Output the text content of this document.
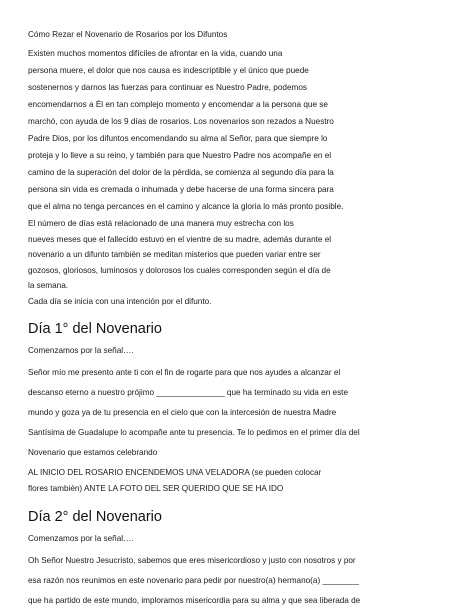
Cómo Rezar el Novenario de Rosarios por los Difuntos
Existen muchos momentos difíciles de afrontar en la vida, cuando una
persona muere, el dolor que nos causa es indescriptible y el único que puede
sostenernos y darnos las fuerzas para continuar es Nuestro Padre, podemos
encomendarnos a Él en tan complejo momento y encomendar a la persona que se
marchó, con ayuda de los 9 días de rosarios. Los novenarios son rezados a Nuestro
Padre Dios, por los difuntos encomendando su alma al Señor, para que siempre lo
proteja y lo lleve a su reino, y también para que Nuestro Padre nos acompañe en el
camino de la superación del dolor de la pérdida, se comienza al segundo día para la
persona sin vida es cremada o inhumada y debe hacerse de una forma sincera para
que el alma no tenga percances en el camino y alcance la gloria lo más pronto posible.
El número de días está relacionado de una manera muy estrecha con los
nueves meses que el fallecido estuvo en el vientre de su madre, además durante el
novenario a un difunto también se meditan misterios que pueden variar entre ser
gozosos, gloriosos, luminosos y dolorosos los cuales corresponden según el día de
la semana.
Cada día se inicia con una intención por el difunto.
Día 1° del Novenario
Comenzamos por la señal….
Señor mío me presento ante ti con el fin de rogarte para que nos ayudes a alcanzar el
descanso eterno a nuestro prójimo _______________ que ha terminado su vida en este
mundo y goza ya de tu presencia en el cielo que con la intercesión de nuestra Madre
Santísima de Guadalupe lo acompañe ante tu presencia. Te lo pedimos en el primer día del
Novenario que estamos celebrando
AL INICIO DEL ROSARIO ENCENDEMOS UNA VELADORA (se pueden colocar
flores también) ANTE LA FOTO DEL SER QUERIDO QUE SE HA IDO
Día 2° del Novenario
Comenzamos por la señal….
Oh Señor Nuestro Jesucristo, sabemos que eres misericordioso y justo con nosotros y por
esa razón nos reunimos en este novenario para pedir por nuestro(a) hermano(a) ________
que ha partido de este mundo, imploramos misericordia para su alma y que sea liberada de
